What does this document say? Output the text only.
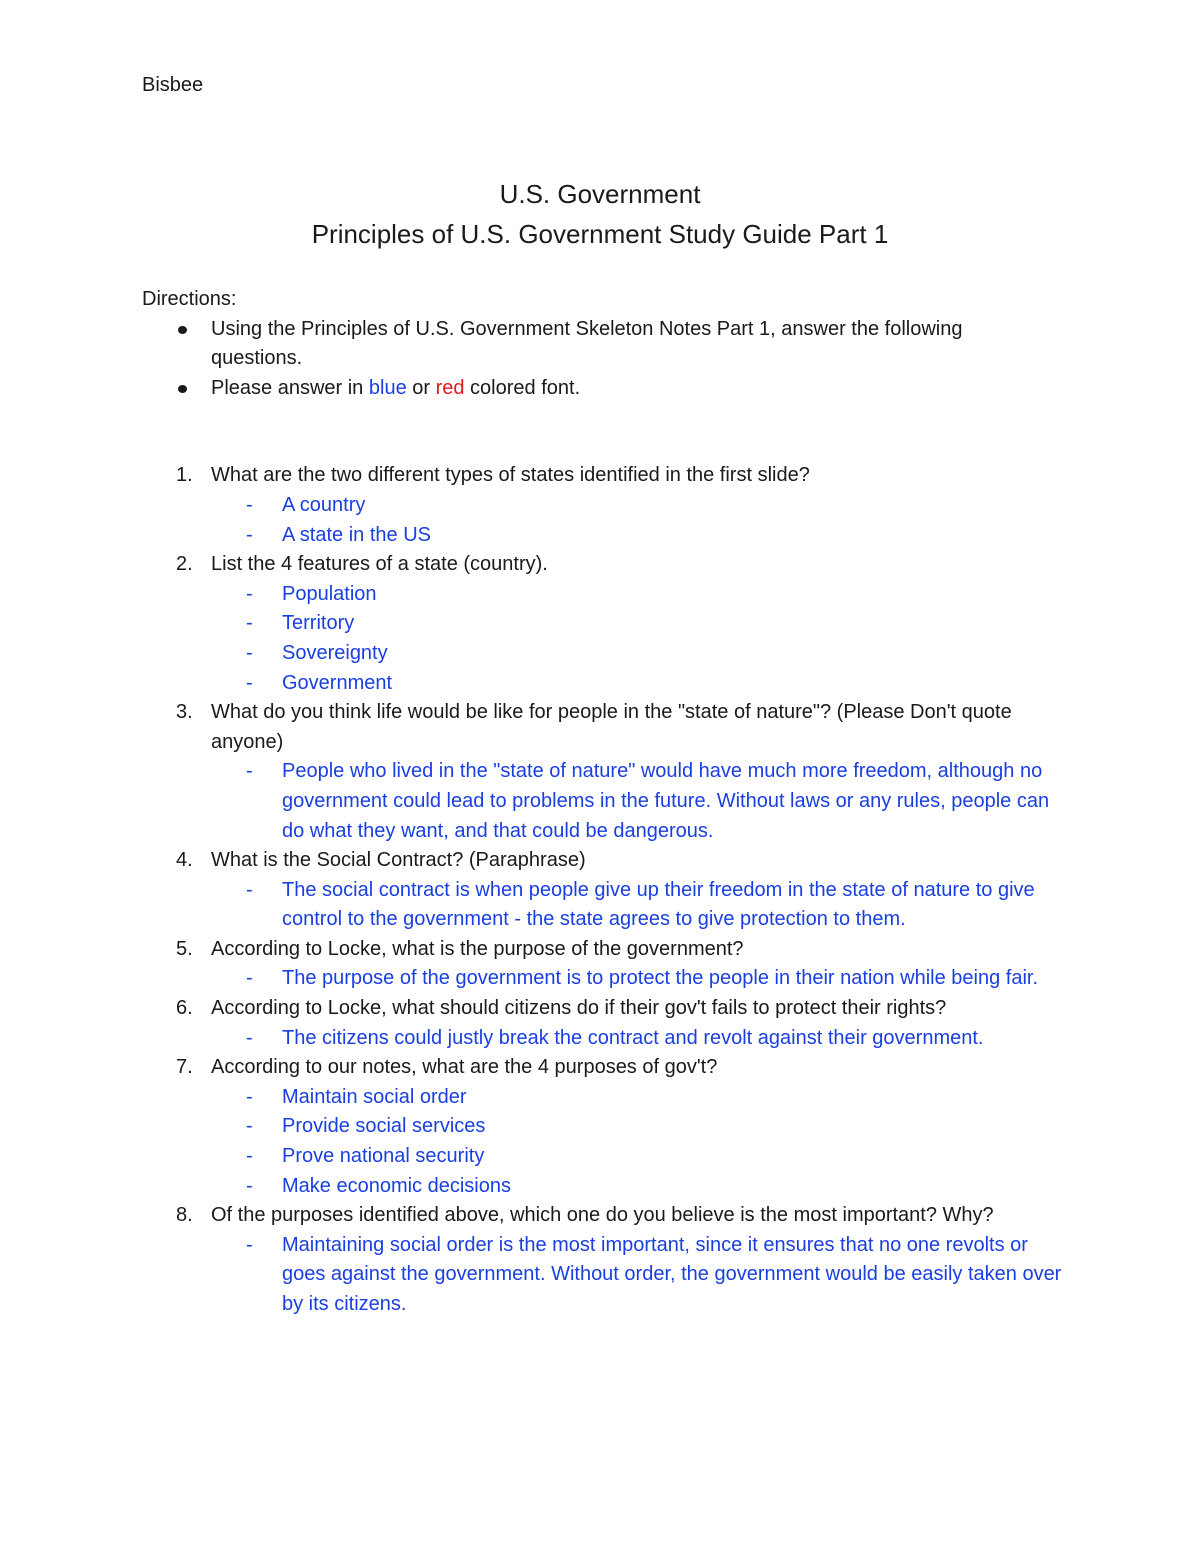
Bisbee

U.S. Government

Principles of U.S. Government Study Guide Part 1

Directions:

Using the Principles of U.S. Government Skeleton Notes Part 1, answer the following questions.
Please answer in blue or red colored font.
1. What are the two different types of states identified in the first slide?
- A country
- A state in the US
2. List the 4 features of a state (country).
- Population
- Territory
- Sovereignty
- Government
3. What do you think life would be like for people in the "state of nature"? (Please Don't quote anyone)
- People who lived in the "state of nature" would have much more freedom, although no government could lead to problems in the future. Without laws or any rules, people can do what they want, and that could be dangerous.
4. What is the Social Contract? (Paraphrase)
- The social contract is when people give up their freedom in the state of nature to give control to the government - the state agrees to give protection to them.
5. According to Locke, what is the purpose of the government?
- The purpose of the government is to protect the people in their nation while being fair.
6. According to Locke, what should citizens do if their gov't fails to protect their rights?
- The citizens could justly break the contract and revolt against their government.
7. According to our notes, what are the 4 purposes of gov't?
- Maintain social order
- Provide social services
- Prove national security
- Make economic decisions
8. Of the purposes identified above, which one do you believe is the most important? Why?
- Maintaining social order is the most important, since it ensures that no one revolts or goes against the government. Without order, the government would be easily taken over by its citizens.
